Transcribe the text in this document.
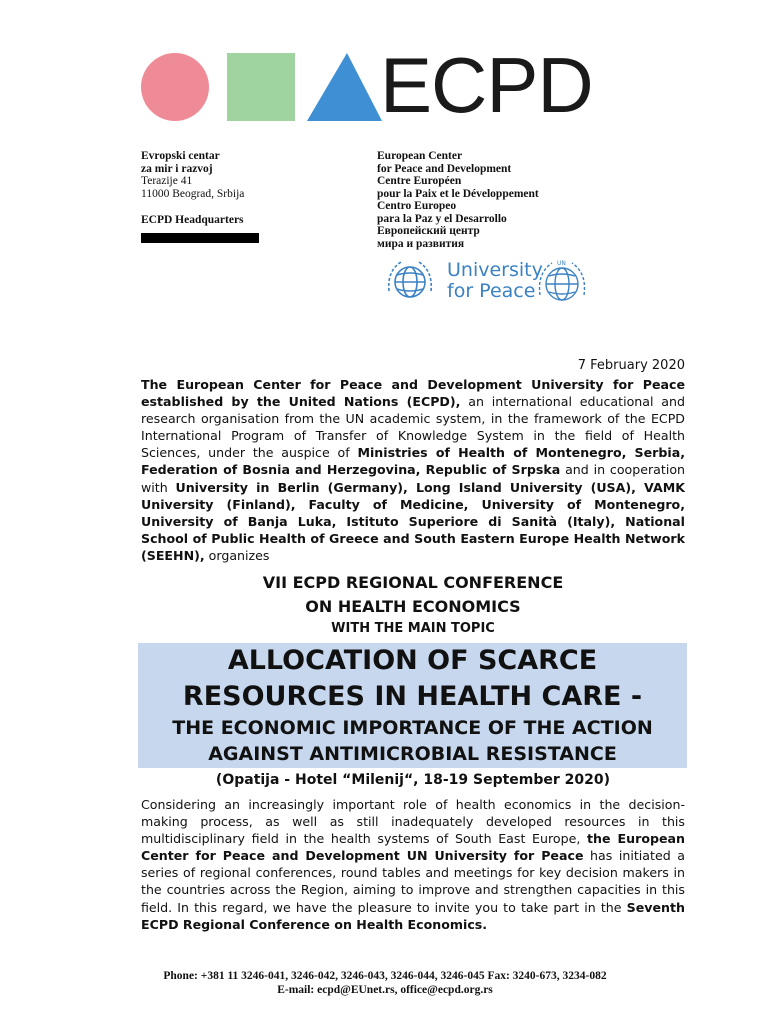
ECPD
Evropski centar
za mir i razvoj
Terazije 41
11000 Beograd, Srbija
ECPD Headquarters
European Center
for Peace and Development
Centre Européen
pour la Paix et le Développement
Centro Europeo
para la Paz y el Desarrollo
Европейский центр
мира и развития
UN
University
for Peace
7 February 2020
The European Center for Peace and Development University for Peace established by the United Nations (ECPD), an international educational and research organisation from the UN academic system, in the framework of the ECPD International Program of Transfer of Knowledge System in the field of Health Sciences, under the auspice of Ministries of Health of Montenegro, Serbia, Federation of Bosnia and Herzegovina, Republic of Srpska and in cooperation with University in Berlin (Germany), Long Island University (USA), VAMK University (Finland), Faculty of Medicine, University of Montenegro, University of Banja Luka, Istituto Superiore di Sanità (Italy), National School of Public Health of Greece and South Eastern Europe Health Network (SEEHN), organizes
VII ECPD REGIONAL CONFERENCE
ON HEALTH ECONOMICS
WITH THE MAIN TOPIC
ALLOCATION OF SCARCE
RESOURCES IN HEALTH CARE -
THE ECONOMIC IMPORTANCE OF THE ACTION
AGAINST ANTIMICROBIAL RESISTANCE
(Opatija - Hotel “Milenij“, 18-19 September 2020)
Considering an increasingly important role of health economics in the decision-making process, as well as still inadequately developed resources in this multidisciplinary field in the health systems of South East Europe, the European Center for Peace and Development UN University for Peace has initiated a series of regional conferences, round tables and meetings for key decision makers in the countries across the Region, aiming to improve and strengthen capacities in this field. In this regard, we have the pleasure to invite you to take part in the Seventh ECPD Regional Conference on Health Economics.
Phone: +381 11 3246-041, 3246-042, 3246-043, 3246-044, 3246-045 Fax: 3240-673, 3234-082
E-mail: ecpd@EUnet.rs, office@ecpd.org.rs
